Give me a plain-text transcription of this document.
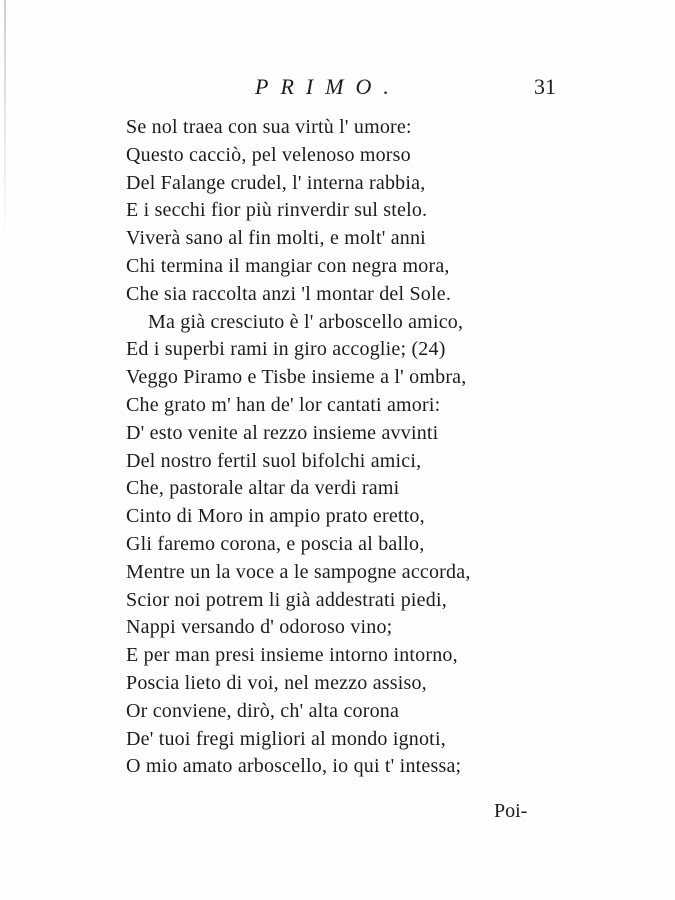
PRIMO.	31
Se nol traea con sua virtù l' umore:
Questo cacciò, pel velenoso morso
Del Falange crudel, l' interna rabbia,
E i secchi fior più rinverdir sul stelo.
Viverà sano al fin molti, e molt' anni
Chi termina il mangiar con negra mora,
Che sia raccolta anzi 'l montar del Sole.
Ma già cresciuto è l' arboscello amico,
Ed i superbi rami in giro accoglie; (24)
Veggo Piramo e Tisbe insieme a l' ombra,
Che grato m' han de' lor cantati amori:
D' esto venite al rezzo insieme avvinti
Del nostro fertil suol bifolchi amici,
Che, pastorale altar da verdi rami
Cinto di Moro in ampio prato eretto,
Gli faremo corona, e poscia al ballo,
Mentre un la voce a le sampogne accorda,
Scior noi potrem li già addestrati piedi,
Nappi versando d' odoroso vino;
E per man presi insieme intorno intorno,
Poscia lieto di voi, nel mezzo assiso,
Or conviene, dirò, ch' alta corona
De' tuoi fregi migliori al mondo ignoti,
O mio amato arboscello, io qui t' intessa;
Poi-
